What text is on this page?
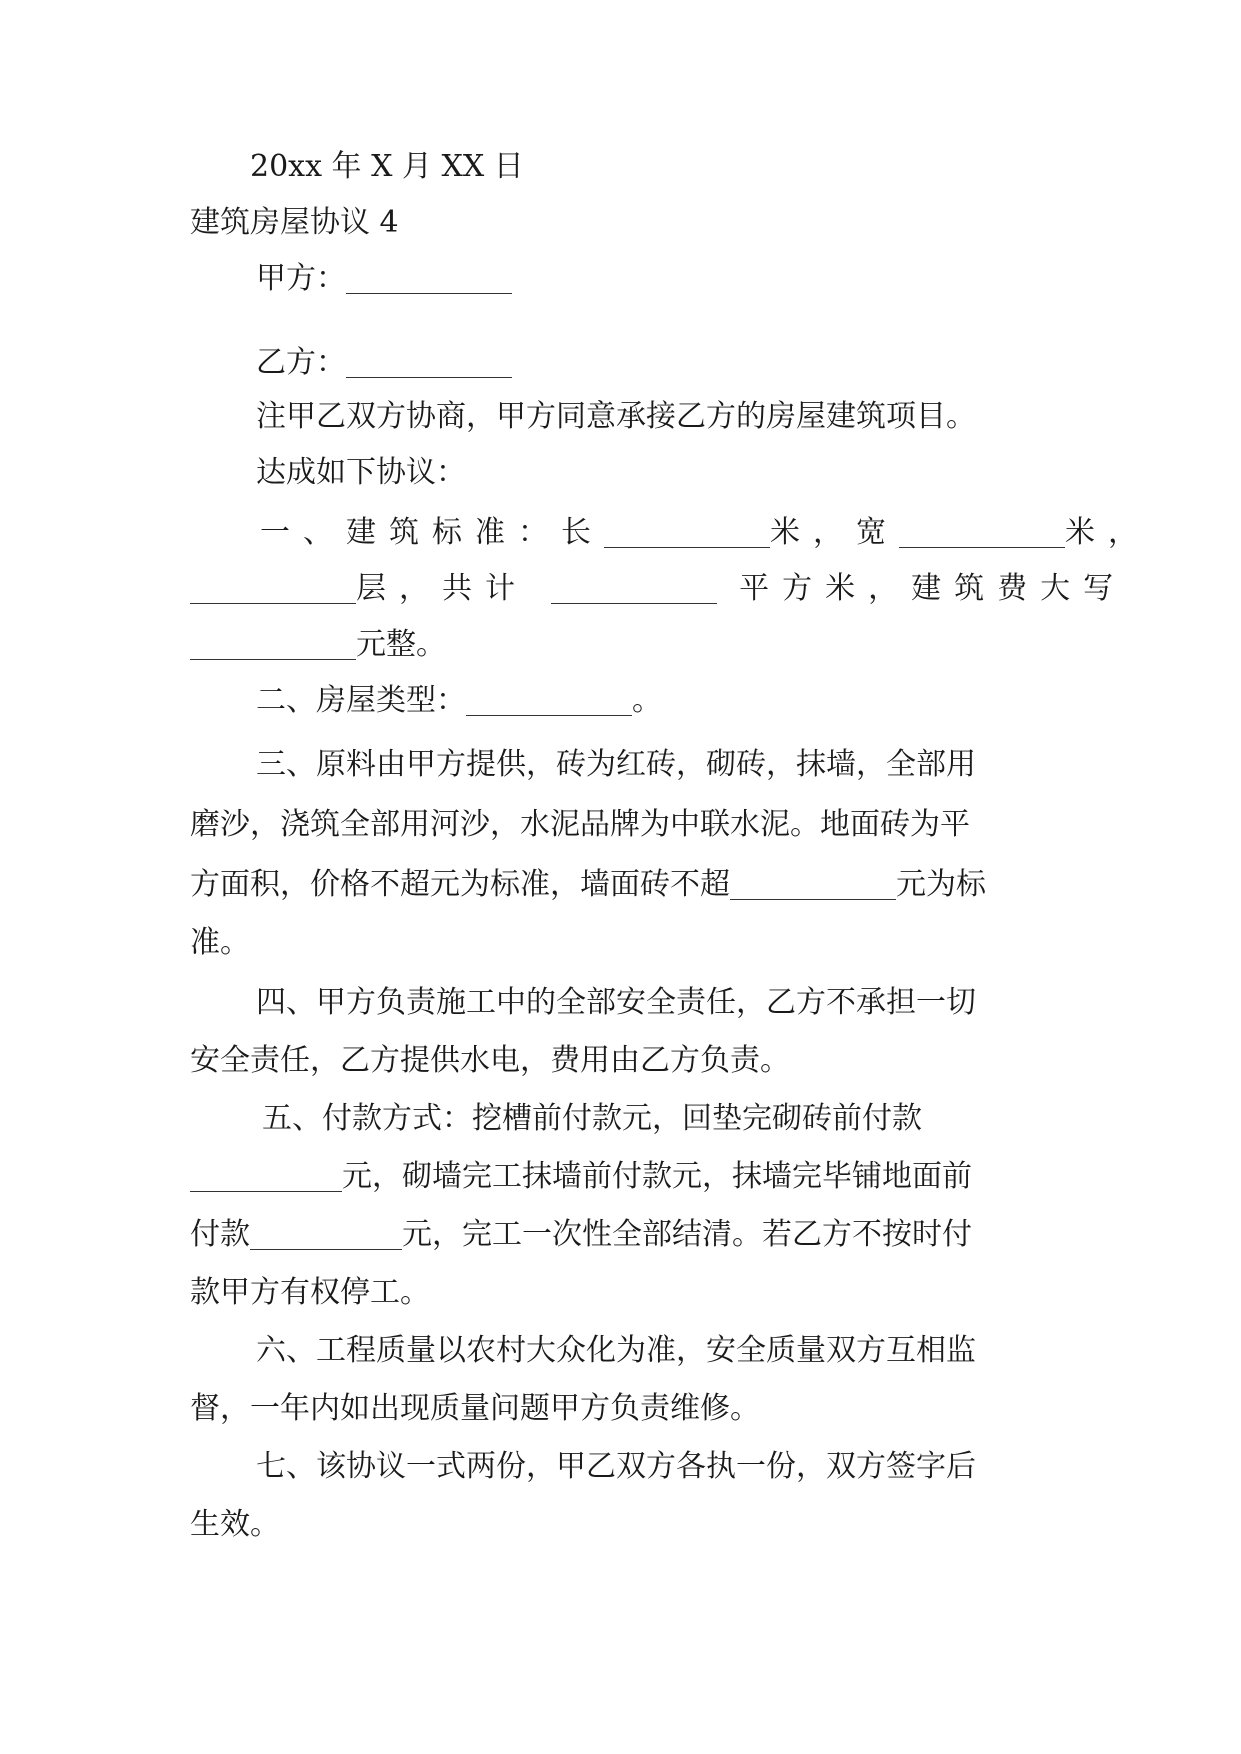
20xx 年 X 月 XX 日
建筑房屋协议 4
甲方：
乙方：
注甲乙双方协商，甲方同意承接乙方的房屋建筑项目。
达成如下协议：
一、建筑标准：长	米，宽	米，
层，共计	平方米，建筑费大写
元整。
二、房屋类型：	。
三、原料由甲方提供，砖为红砖，砌砖，抹墙，全部用
磨沙，浇筑全部用河沙，水泥品牌为中联水泥。地面砖为平
方面积，价格不超元为标准，墙面砖不超	元为标
准。
四、甲方负责施工中的全部安全责任，乙方不承担一切
安全责任，乙方提供水电，费用由乙方负责。
五、付款方式：挖槽前付款元，回垫完砌砖前付款
元，砌墙完工抹墙前付款元，抹墙完毕铺地面前
付款	元，完工一次性全部结清。若乙方不按时付
款甲方有权停工。
六、工程质量以农村大众化为准，安全质量双方互相监
督，一年内如出现质量问题甲方负责维修。
七、该协议一式两份，甲乙双方各执一份，双方签字后
生效。
